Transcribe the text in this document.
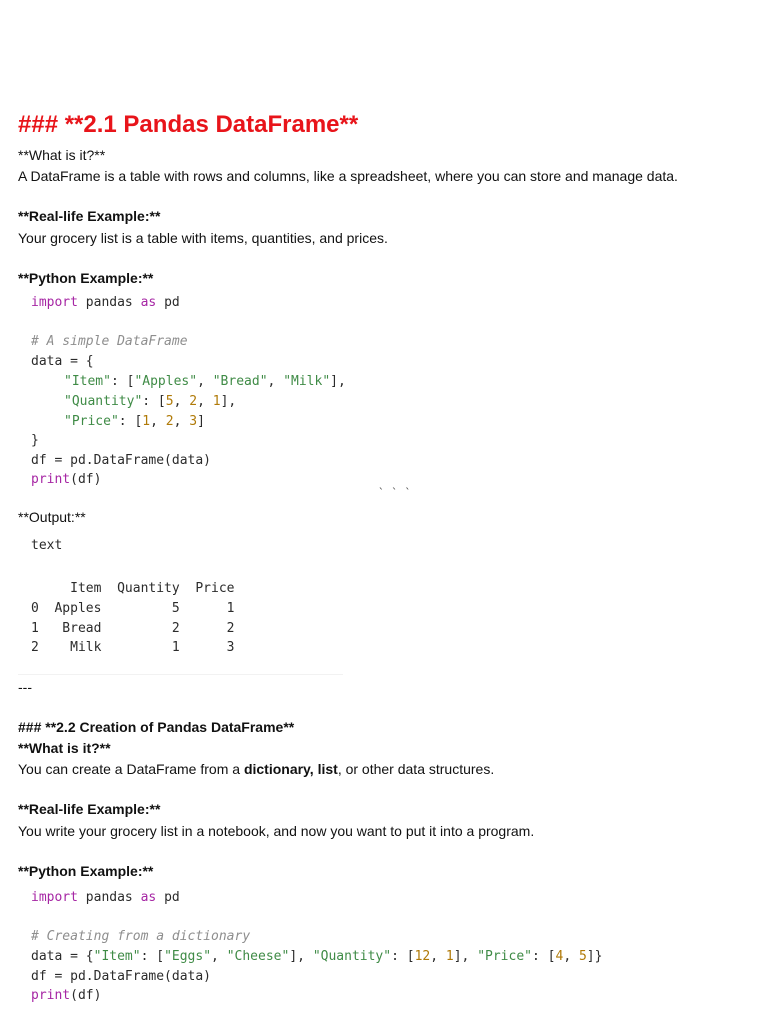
### **2.1 Pandas DataFrame**
**What is it?**
A DataFrame is a table with rows and columns, like a spreadsheet, where you can store and manage data.
**Real-life Example:**
Your grocery list is a table with items, quantities, and prices.
**Python Example:**
import pandas as pd
# A simple DataFrame
data = {
"Item": ["Apples", "Bread", "Milk"],
"Quantity": [5, 2, 1],
"Price": [1, 2, 3]
}
df = pd.DataFrame(data)
print(df)
` ` `
**Output:**
text
Item  Quantity  Price
0  Apples         5      1
1   Bread         2      2
2    Milk         1      3
---
### **2.2 Creation of Pandas DataFrame**
**What is it?**
You can create a DataFrame from a dictionary, list, or other data structures.
**Real-life Example:**
You write your grocery list in a notebook, and now you want to put it into a program.
**Python Example:**
import pandas as pd
# Creating from a dictionary
data = {"Item": ["Eggs", "Cheese"], "Quantity": [12, 1], "Price": [4, 5]}
df = pd.DataFrame(data)
print(df)
